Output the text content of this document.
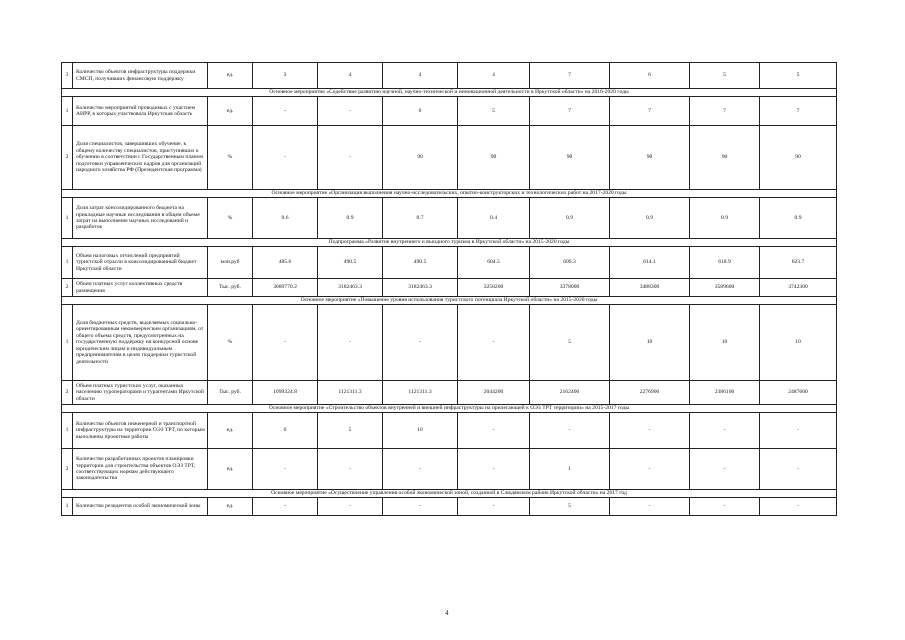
3	Количество объектов инфраструктуры поддержки СМСП, получивших финансовую поддержку	ед.	3	4	4	4	7	6	5	5
Основное мероприятие «Содействие развитию научной, научно-технической и инновационной деятельности в Иркутской области» на 2016-2020 годы										
1	Количество мероприятий проводимых с участием АИРР, в которых участвовала Иркутская область	ед.	-	-	0	5	7	7	7	7
2	Доля специалистов, завершивших обучение, к общему количеству специалистов, приступивших к обучению в соответствии с Государственным планом подготовки управленческих кадров для организаций народного хозяйства РФ (Президентская программа)	%	-	-	90	90	90	90	90	90
Основное мероприятие «Организация выполнения научно-исследовательских, опытно-конструкторских и технологических работ на 2017-2020 годы										
1	Доля затрат консолидированного бюджета на прикладные научные исследования в общем объеме затрат на выполнение научных исследований и разработок	%	0.6	0.9	0.7	0.4	0.9	0.9	0.9	0.9
Подпрограмма «Развитие внутреннего и въездного туризма в Иркутской области» на 2015-2020 годы										
1	Объем налоговых отчислений предприятий туристской отрасли в консолидированный бюджет Иркутской области	млн.руб	485.6	490.5	490.5	604.5	609.3	614.1	618.9	623.7
2	Объем платных услуг коллективных средств размещения	Тыс. руб.	3089770.2	3182463.3	3182463.3	3258200	3378000	3488300	3589600	3742300
Основное мероприятие «Повышение уровня использования туристского потенциала Иркутской области» на 2015-2020 годы										
1	Доля бюджетных средств, выделяемых социально-ориентированным некоммерческим организациям, от общего объема средств, предусмотренных на государственную поддержку на конкурсной основе юридическим лицам и индивидуальным предпринимателям в целях поддержки туристской деятельности	%	-	-	-	-	5	10	10	10
2	Объем платных туристских услуг, оказанных населению туроператорами и турагентами Иркутской области	Тыс. руб.	1099324.8	1121311.3	1121311.3	2044200	2162400	2276900	2386100	2487600
Основное мероприятие «Строительство объектов внутренней и внешней инфраструктуры на прилегающей к ОЭЗ ТРТ территории» на 2015-2017 годы										
1	Количество объектов инженерной и транспортной инфраструктуры на территории ОЭЗ ТРТ, по которым выполнены проектные работы	ед.	0	5	10	-	-	-	-	-
2	Количество разработанных проектов планировки территории для строительства объектов ОЭЗ ТРТ, соответствующих нормам действующего законодательства	ед.	-	-	-	-	1	-	-	-
Основное мероприятие «Осуществление управления особой экономической зоной, созданной в Слюдянском районе Иркутской области» на 2017 год										
1	Количество резидентов особой экономической зоны	ед.	-	-	-	-	5	-	-	-
4
